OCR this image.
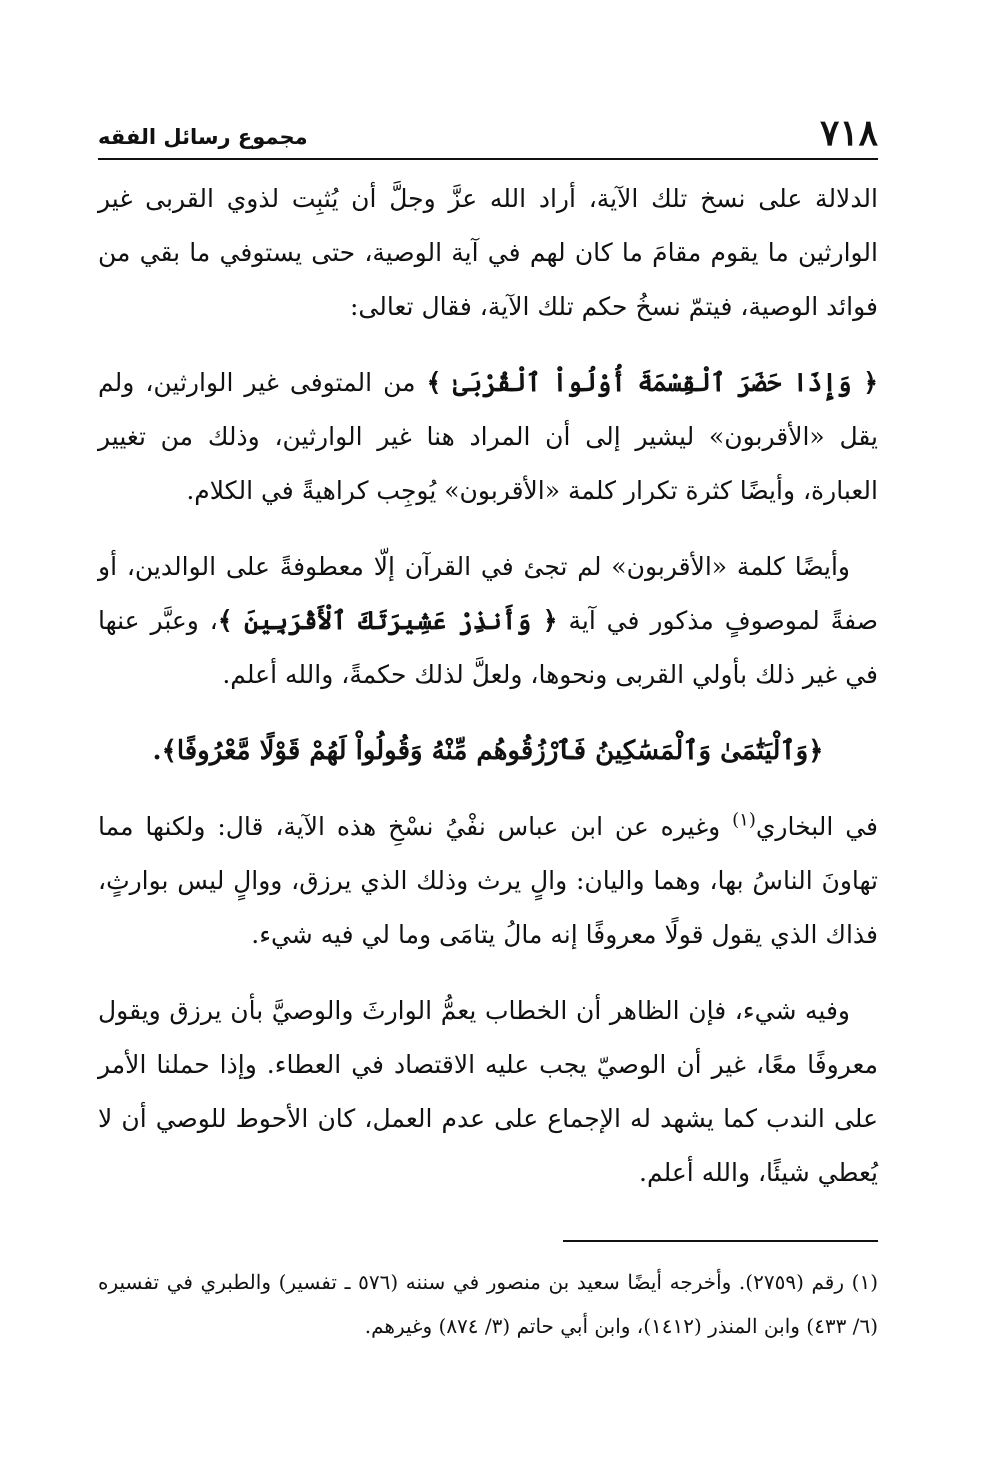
٧١٨
مجموع رسائل الفقه

الدلالة على نسخ تلك الآية، أراد الله عزَّ وجلَّ أن يُثبِت لذوي القربى غير الوارثين ما يقوم مقامَ ما كان لهم في آية الوصية، حتى يستوفي ما بقي من فوائد الوصية، فيتمّ نسخُ حكم تلك الآية، فقال تعالى:

﴿ وَإِذَا حَضَرَ ٱلْقِسْمَةَ أُوْلُواْ ٱلْقُرْبَىٰ ﴾ من المتوفى غير الوارثين، ولم يقل «الأقربون» ليشير إلى أن المراد هنا غير الوارثين، وذلك من تغيير العبارة، وأيضًا كثرة تكرار كلمة «الأقربون» يُوجِب كراهيةً في الكلام.

وأيضًا كلمة «الأقربون» لم تجئ في القرآن إلّا معطوفةً على الوالدين، أو صفةً لموصوفٍ مذكور في آية ﴿ وَأَنذِرْ عَشِيرَتَكَ ٱلْأَقْرَبِينَ ﴾، وعبَّر عنها في غير ذلك بأولي القربى ونحوها، ولعلَّ لذلك حكمةً، والله أعلم.

﴿وَٱلْيَتَٰمَىٰ وَٱلْمَسَٰكِينُ فَٱرْزُقُوهُم مِّنْهُ وَقُولُواْ لَهُمْ قَوْلًا مَّعْرُوفًا﴾.

في البخاري$^{(١)}$ وغيره عن ابن عباس نفْيُ نسْخِ هذه الآية، قال: ولكنها مما تهاونَ الناسُ بها، وهما واليان: والٍ يرث وذلك الذي يرزق، ووالٍ ليس بوارثٍ، فذاك الذي يقول قولًا معروفًا إنه مالُ يتامَى وما لي فيه شيء.

وفيه شيء، فإن الظاهر أن الخطاب يعمُّ الوارثَ والوصيَّ بأن يرزق ويقول معروفًا معًا، غير أن الوصيّ يجب عليه الاقتصاد في العطاء. وإذا حملنا الأمر على الندب كما يشهد له الإجماع على عدم العمل، كان الأحوط للوصي أن لا يُعطي شيئًا، والله أعلم.

(١) رقم (٢٧٥٩). وأخرجه أيضًا سعيد بن منصور في سننه (٥٧٦ ـ تفسير) والطبري في تفسيره (٦/ ٤٣٣) وابن المنذر (١٤١٢)، وابن أبي حاتم (٣/ ٨٧٤) وغيرهم.
